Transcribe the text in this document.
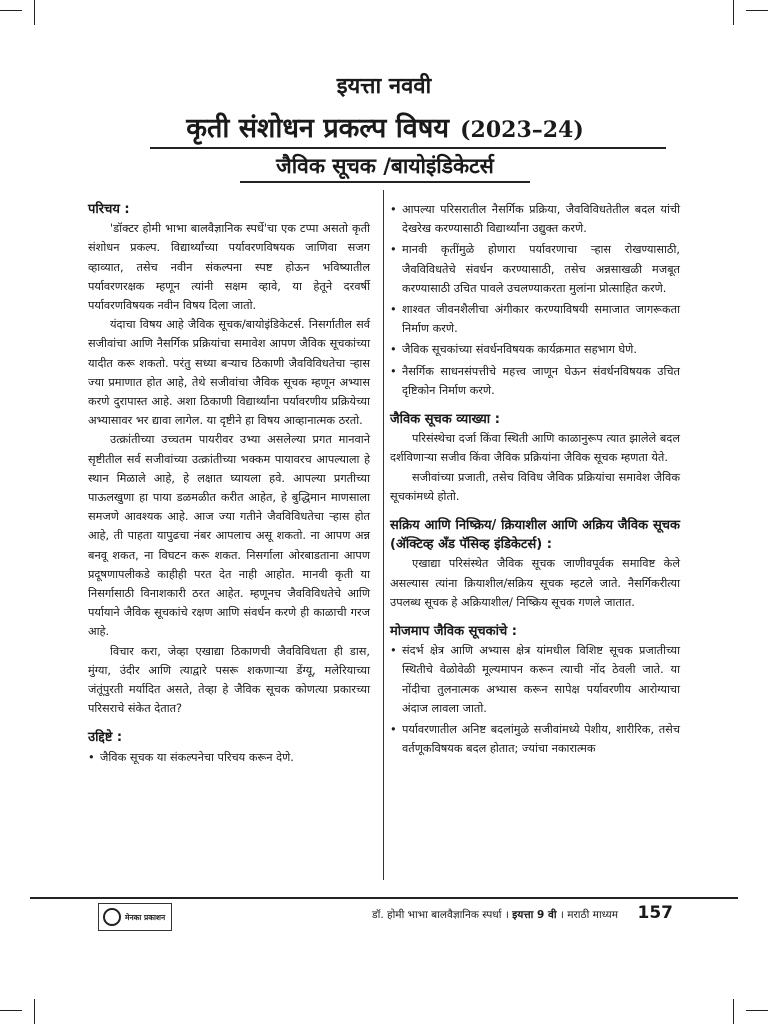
इयत्ता नववी
कृती संशोधन प्रकल्प विषय (2023–24)
जैविक सूचक /बायोइंडिकेटर्स

परिचय :

'डॉक्टर होमी भाभा बालवैज्ञानिक स्पर्धे'चा एक टप्पा असतो कृती संशोधन प्रकल्प. विद्यार्थ्यांच्या पर्यावरणविषयक जाणिवा सजग व्हाव्यात, तसेच नवीन संकल्पना स्पष्ट होऊन भविष्यातील पर्यावरणरक्षक म्हणून त्यांनी सक्षम व्हावे, या हेतूने दरवर्षी पर्यावरणविषयक नवीन विषय दिला जातो.

यंदाचा विषय आहे जैविक सूचक/बायोइंडिकेटर्स. निसर्गातील सर्व सजीवांचा आणि नैसर्गिक प्रक्रियांचा समावेश आपण जैविक सूचकांच्या यादीत करू शकतो. परंतु सध्या बऱ्याच ठिकाणी जैवविविधतेचा ऱ्हास ज्या प्रमाणात होत आहे, तेथे सजीवांचा जैविक सूचक म्हणून अभ्यास करणे दुरापास्त आहे. अशा ठिकाणी विद्यार्थ्यांना पर्यावरणीय प्रक्रियेच्या अभ्यासावर भर द्यावा लागेल. या दृष्टीने हा विषय आव्हानात्मक ठरतो.

उत्क्रांतीच्या उच्चतम पायरीवर उभ्या असलेल्या प्रगत मानवाने सृष्टीतील सर्व सजीवांच्या उत्क्रांतीच्या भक्कम पायावरच आपल्याला हे स्थान मिळाले आहे, हे लक्षात घ्यायला हवे. आपल्या प्रगतीच्या पाऊलखुणा हा पाया डळमळीत करीत आहेत, हे बुद्धिमान माणसाला समजणे आवश्यक आहे. आज ज्या गतीने जैवविविधतेचा ऱ्हास होत आहे, ती पाहता यापुढचा नंबर आपलाच असू शकतो. ना आपण अन्न बनवू शकत, ना विघटन करू शकत. निसर्गाला ओरबाडताना आपण प्रदूषणापलीकडे काहीही परत देत नाही आहोत. मानवी कृती या निसर्गासाठी विनाशकारी ठरत आहेत. म्हणूनच जैवविविधतेचे आणि पर्यायाने जैविक सूचकांचे रक्षण आणि संवर्धन करणे ही काळाची गरज आहे.

विचार करा, जेव्हा एखाद्या ठिकाणची जैवविविधता ही डास, मुंग्या, उंदीर आणि त्याद्वारे पसरू शकणाऱ्या डेंग्यू, मलेरियाच्या जंतूंपुरती मर्यादित असते, तेव्हा हे जैविक सूचक कोणत्या प्रकारच्या परिसराचे संकेत देतात?

उद्दिष्टे :

• जैविक सूचक या संकल्पनेचा परिचय करून देणे.

• आपल्या परिसरातील नैसर्गिक प्रक्रिया, जैवविविधतेतील बदल यांची देखरेख करण्यासाठी विद्यार्थ्यांना उद्युक्त करणे.

• मानवी कृतींमुळे होणारा पर्यावरणाचा ऱ्हास रोखण्यासाठी, जैवविविधतेचे संवर्धन करण्यासाठी, तसेच अन्नसाखळी मजबूत करण्यासाठी उचित पावले उचलण्याकरता मुलांना प्रोत्साहित करणे.

• शाश्वत जीवनशैलीचा अंगीकार करण्याविषयी समाजात जागरूकता निर्माण करणे.

• जैविक सूचकांच्या संवर्धनविषयक कार्यक्रमात सहभाग घेणे.

• नैसर्गिक साधनसंपत्तीचे महत्त्व जाणून घेऊन संवर्धनविषयक उचित दृष्टिकोन निर्माण करणे.

जैविक सूचक व्याख्या :

परिसंस्थेचा दर्जा किंवा स्थिती आणि काळानुरूप त्यात झालेले बदल दर्शविणाऱ्या सजीव किंवा जैविक प्रक्रियांना जैविक सूचक म्हणता येते.

सजीवांच्या प्रजाती, तसेच विविध जैविक प्रक्रियांचा समावेश जैविक सूचकांमध्ये होतो.

सक्रिय आणि निष्क्रिय/ क्रियाशील आणि अक्रिय जैविक सूचक (ॲक्टिव्ह अँड पॅसिव्ह इंडिकेटर्स) :

एखाद्या परिसंस्थेत जैविक सूचक जाणीवपूर्वक समाविष्ट केले असल्यास त्यांना क्रियाशील/सक्रिय सूचक म्हटले जाते. नैसर्गिकरीत्या उपलब्ध सूचक हे अक्रियाशील/ निष्क्रिय सूचक गणले जातात.

मोजमाप जैविक सूचकांचे :

• संदर्भ क्षेत्र आणि अभ्यास क्षेत्र यांमधील विशिष्ट सूचक प्रजातीच्या स्थितीचे वेळोवेळी मूल्यमापन करून त्याची नोंद ठेवली जाते. या नोंदीचा तुलनात्मक अभ्यास करून सापेक्ष पर्यावरणीय आरोग्याचा अंदाज लावला जातो.

• पर्यावरणातील अनिष्ट बदलांमुळे सजीवांमध्ये पेशीय, शारीरिक, तसेच वर्तणूकविषयक बदल होतात; ज्यांचा नकारात्मक

मेनका प्रकाशन	डॉ. होमी भाभा बालवैज्ञानिक स्पर्धा । इयत्ता 9 वी । मराठी माध्यम 157
